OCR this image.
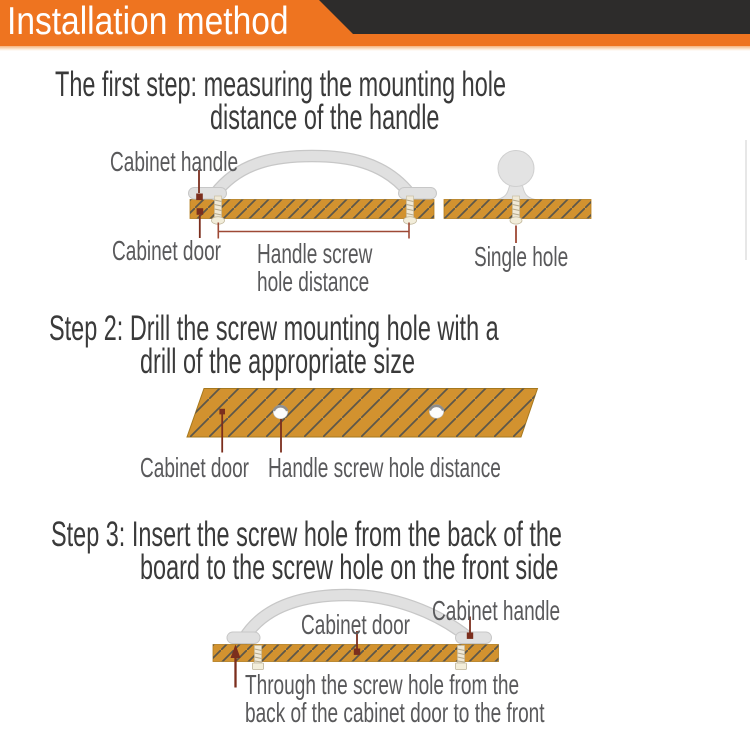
Installation method
The first step: measuring the mounting hole
distance of the handle
Cabinet handle
Cabinet door Handle screw
hole distance
Single hole
Step 2: Drill the screw mounting hole with a
drill of the appropriate size
Cabinet door Handle screw hole distance
Step 3: Insert the screw hole from the back of the
board to the screw hole on the front side
Cabinet door Cabinet handle
Through the screw hole from the
back of the cabinet door to the front
